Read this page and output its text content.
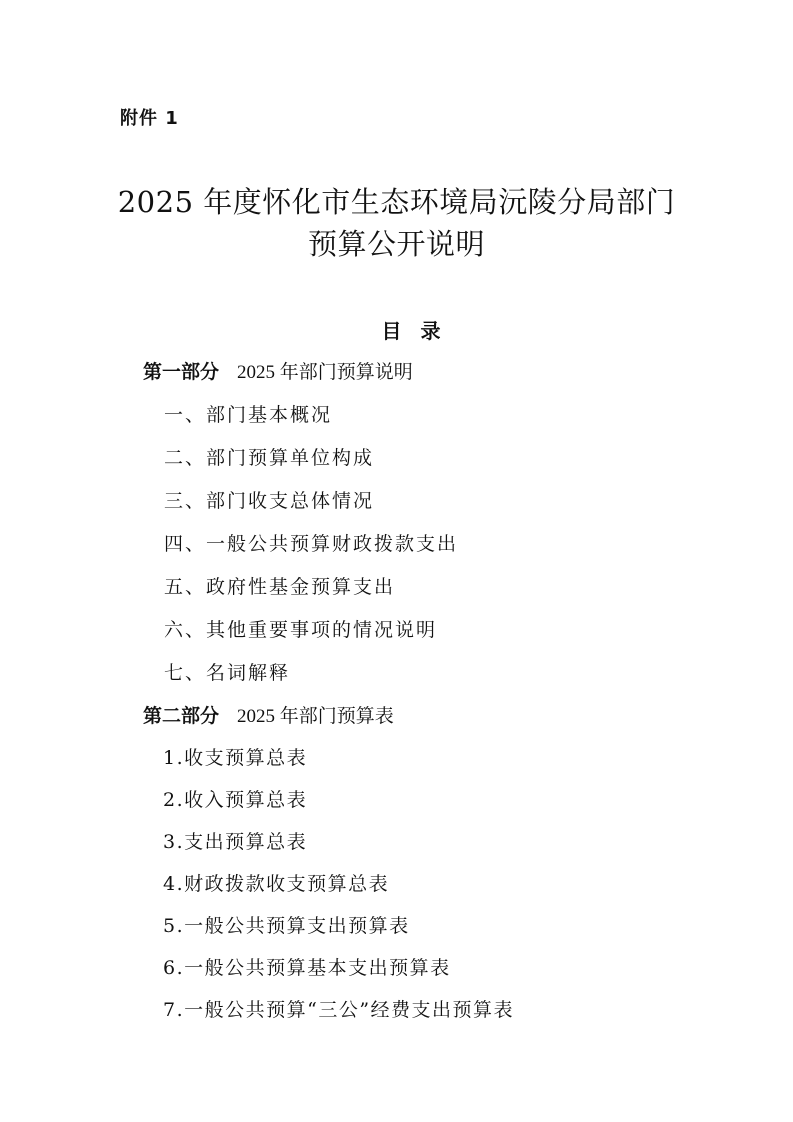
附件 1
2025 年度怀化市生态环境局沅陵分局部门
预算公开说明
目 录
第一部分 2025 年部门预算说明
一、部门基本概况
二、部门预算单位构成
三、部门收支总体情况
四、一般公共预算财政拨款支出
五、政府性基金预算支出
六、其他重要事项的情况说明
七、名词解释
第二部分 2025 年部门预算表
1.收支预算总表
2.收入预算总表
3.支出预算总表
4.财政拨款收支预算总表
5.一般公共预算支出预算表
6.一般公共预算基本支出预算表
7.一般公共预算“三公”经费支出预算表
